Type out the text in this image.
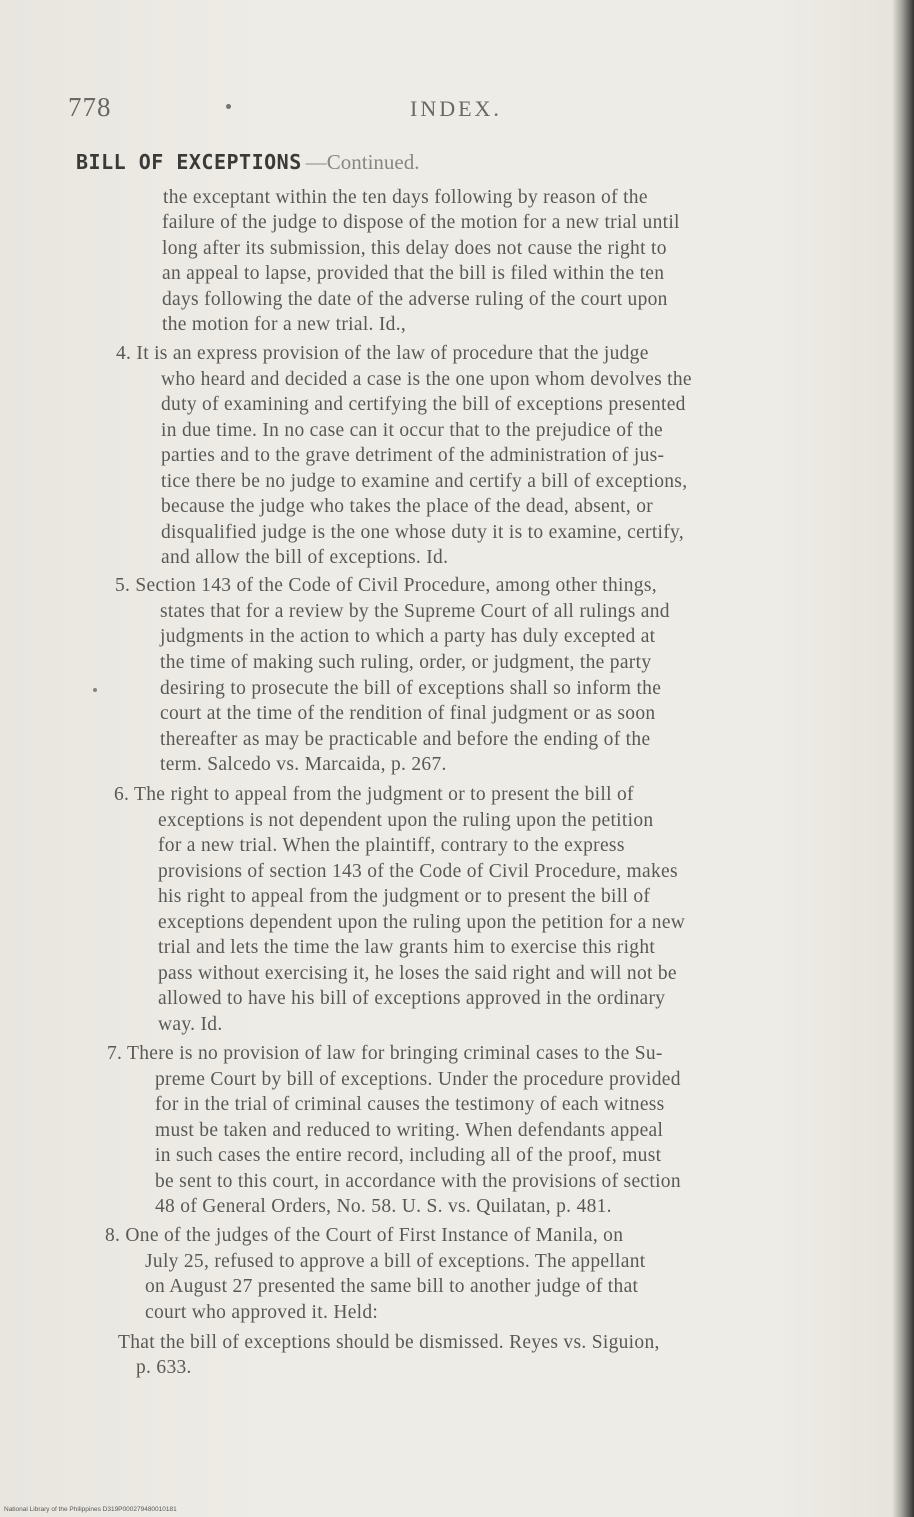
778	INDEX.
BILL OF EXCEPTIONS —Continued.
the exceptant within the ten days following by reason of the
failure of the judge to dispose of the motion for a new trial until
long after its submission, this delay does not cause the right to
an appeal to lapse, provided that the bill is filed within the ten
days following the date of the adverse ruling of the court upon
the motion for a new trial. Id.,
4. It is an express provision of the law of procedure that the judge
who heard and decided a case is the one upon whom devolves the
duty of examining and certifying the bill of exceptions presented
in due time. In no case can it occur that to the prejudice of the
parties and to the grave detriment of the administration of jus-
tice there be no judge to examine and certify a bill of exceptions,
because the judge who takes the place of the dead, absent, or
disqualified judge is the one whose duty it is to examine, certify,
and allow the bill of exceptions. Id.
5. Section 143 of the Code of Civil Procedure, among other things,
states that for a review by the Supreme Court of all rulings and
judgments in the action to which a party has duly excepted at
the time of making such ruling, order, or judgment, the party
desiring to prosecute the bill of exceptions shall so inform the
court at the time of the rendition of final judgment or as soon
thereafter as may be practicable and before the ending of the
term. Salcedo vs. Marcaida, p. 267.
6. The right to appeal from the judgment or to present the bill of
exceptions is not dependent upon the ruling upon the petition
for a new trial. When the plaintiff, contrary to the express
provisions of section 143 of the Code of Civil Procedure, makes
his right to appeal from the judgment or to present the bill of
exceptions dependent upon the ruling upon the petition for a new
trial and lets the time the law grants him to exercise this right
pass without exercising it, he loses the said right and will not be
allowed to have his bill of exceptions approved in the ordinary
way. Id.
7. There is no provision of law for bringing criminal cases to the Su-
preme Court by bill of exceptions. Under the procedure provided
for in the trial of criminal causes the testimony of each witness
must be taken and reduced to writing. When defendants appeal
in such cases the entire record, including all of the proof, must
be sent to this court, in accordance with the provisions of section
48 of General Orders, No. 58. U. S. vs. Quilatan, p. 481.
8. One of the judges of the Court of First Instance of Manila, on
July 25, refused to approve a bill of exceptions. The appellant
on August 27 presented the same bill to another judge of that
court who approved it. Held:
That the bill of exceptions should be dismissed. Reyes vs. Siguion,
p. 633.
National Library of the Philippines D319P000279480010181
